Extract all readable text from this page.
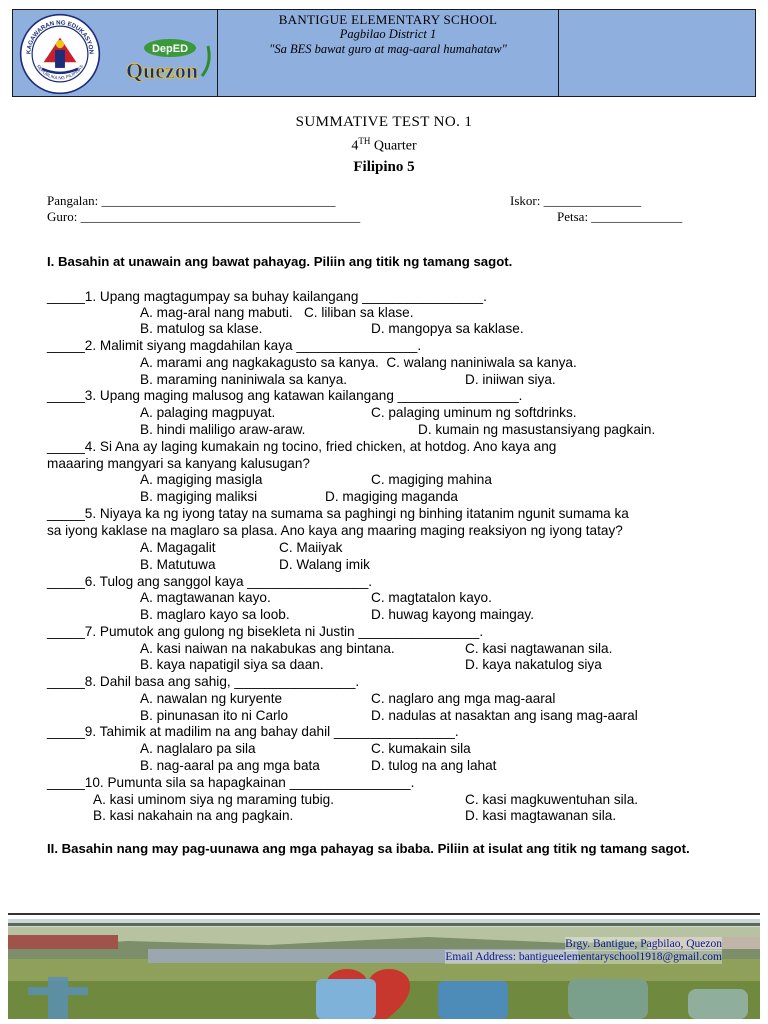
KAGAWARAN NG EDUKASYON
REPUBLIKA NG PILIPINAS
DepED
Quezon
BANTIGUE ELEMENTARY SCHOOL
Pagbilao District 1
"Sa BES bawat guro at mag-aaral humahataw"
SUMMATIVE TEST NO. 1
4TH Quarter
Filipino 5
Pangalan: ____________________________________	Iskor: _______________
Guro: ___________________________________________	Petsa: ______________
I. Basahin at unawain ang bawat pahayag. Piliin ang titik ng tamang sagot.
_____1. Upang magtagumpay sa buhay kailangang ________________.
A. mag-aral nang mabuti.   C. liliban sa klase.
B. matulog sa klase.	D. mangopya sa kaklase.
_____2. Malimit siyang magdahilan kaya ________________.
A. marami ang nagkakagusto sa kanya.  C. walang naniniwala sa kanya.
B. maraming naniniwala sa kanya.	D. iniiwan siya.
_____3. Upang maging malusog ang katawan kailangang ________________.
A. palaging magpuyat.	C. palaging uminum ng softdrinks.
B. hindi maliligo araw-araw.	D. kumain ng masustansiyang pagkain.
_____4. Si Ana ay laging kumakain ng tocino, fried chicken, at hotdog. Ano kaya ang
maaaring mangyari sa kanyang kalusugan?
A. magiging masigla	C. magiging mahina
B. magiging maliksi	D. magiging maganda
_____5. Niyaya ka ng iyong tatay na sumama sa paghingi ng binhing itatanim ngunit sumama ka
sa iyong kaklase na maglaro sa plasa. Ano kaya ang maaring maging reaksiyon ng iyong tatay?
A. Magagalit	C. Maiiyak
B. Matutuwa	D. Walang imik
_____6. Tulog ang sanggol kaya ________________.
A. magtawanan kayo.	C. magtatalon kayo.
B. maglaro kayo sa loob.	D. huwag kayong maingay.
_____7. Pumutok ang gulong ng bisekleta ni Justin ________________.
A. kasi naiwan na nakabukas ang bintana.	C. kasi nagtawanan sila.
B. kaya napatigil siya sa daan.	D. kaya nakatulog siya
_____8. Dahil basa ang sahig, ________________.
A. nawalan ng kuryente	C. naglaro ang mga mag-aaral
B. pinunasan ito ni Carlo	D. nadulas at nasaktan ang isang mag-aaral
_____9. Tahimik at madilim na ang bahay dahil ________________.
A. naglalaro pa sila	C. kumakain sila
B. nag-aaral pa ang mga bata	D. tulog na ang lahat
_____10. Pumunta sila sa hapagkainan ________________.
A. kasi uminom siya ng maraming tubig.	C. kasi magkuwentuhan sila.
B. kasi nakahain na ang pagkain.	D. kasi magtawanan sila.
II. Basahin nang may pag-uunawa ang mga pahayag sa ibaba. Piliin at isulat ang titik ng tamang sagot.
Brgy. Bantigue, Pagbilao, Quezon
Email Address: bantigueelementaryschool1918@gmail.com
